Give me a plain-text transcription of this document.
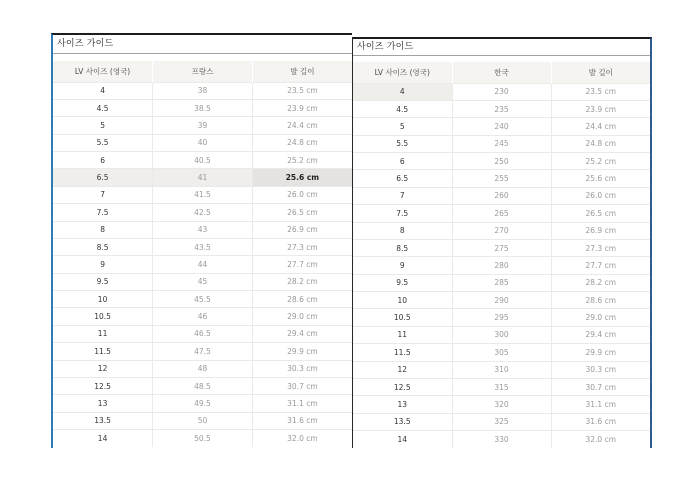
사이즈 가이드
LV 사이즈 (영국)	프랑스	발 길이
4	38	23.5 cm
4.5	38.5	23.9 cm
5	39	24.4 cm
5.5	40	24.8 cm
6	40.5	25.2 cm
6.5	41	25.6 cm
7	41.5	26.0 cm
7.5	42.5	26.5 cm
8	43	26.9 cm
8.5	43.5	27.3 cm
9	44	27.7 cm
9.5	45	28.2 cm
10	45.5	28.6 cm
10.5	46	29.0 cm
11	46.5	29.4 cm
11.5	47.5	29.9 cm
12	48	30.3 cm
12.5	48.5	30.7 cm
13	49.5	31.1 cm
13.5	50	31.6 cm
14	50.5	32.0 cm
사이즈 가이드
LV 사이즈 (영국)	한국	발 길이
4	230	23.5 cm
4.5	235	23.9 cm
5	240	24.4 cm
5.5	245	24.8 cm
6	250	25.2 cm
6.5	255	25.6 cm
7	260	26.0 cm
7.5	265	26.5 cm
8	270	26.9 cm
8.5	275	27.3 cm
9	280	27.7 cm
9.5	285	28.2 cm
10	290	28.6 cm
10.5	295	29.0 cm
11	300	29.4 cm
11.5	305	29.9 cm
12	310	30.3 cm
12.5	315	30.7 cm
13	320	31.1 cm
13.5	325	31.6 cm
14	330	32.0 cm
